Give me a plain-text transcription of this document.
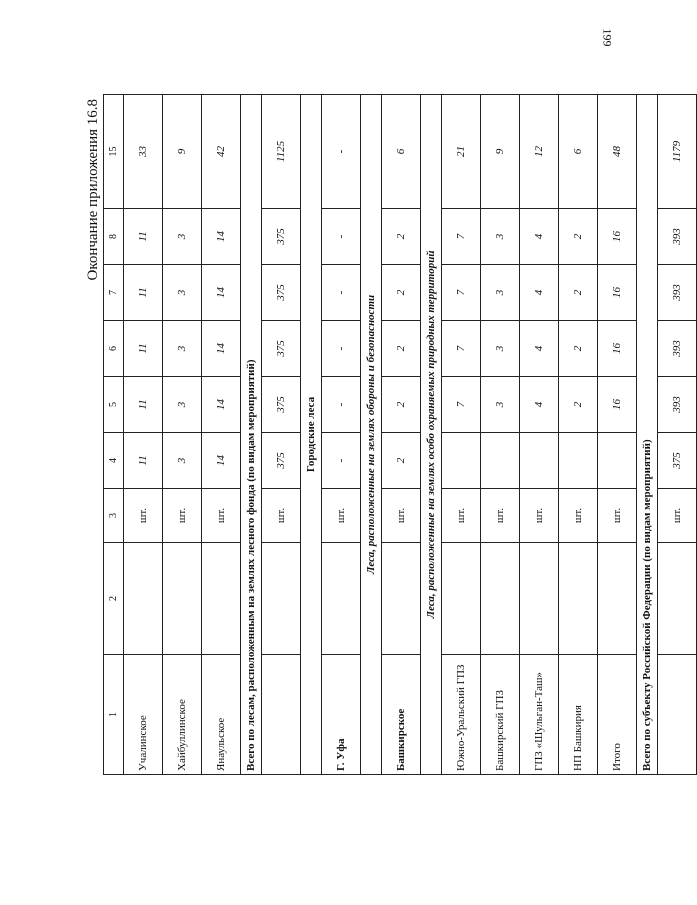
199
Окончание приложения 16.8
1	2	3	4	5	6	7	8	15
Учалинское		шт.	11	11	11	11	11	33
Хайбуллинское		шт.	3	3	3	3	3	9
Янаульское		шт.	14	14	14	14	14	42
Всего по лесам, расположенным на землях лесного фонда (по видам мероприятий)								
		шт.	375	375	375	375	375	1125
Городские леса								
Г. Уфа		шт.	-	-	-	-	-	-
Леса, расположенные на землях обороны и безопасности								
Башкирское		шт.	2	2	2	2	2	6
Леса, расположенные на землях особо охраняемых природных территорий								
Южно-Уральский ГПЗ		шт.		7	7	7	7	21
Башкирский ГПЗ		шт.		3	3	3	3	9
ГПЗ «Шульган-Таш»		шт.		4	4	4	4	12
НП Башкирия		шт.		2	2	2	2	6
Итого		шт.		16	16	16	16	48
Всего по субъекту Российской Федерации (по видам мероприятий)								
		шт.	375	393	393	393	393	1179
